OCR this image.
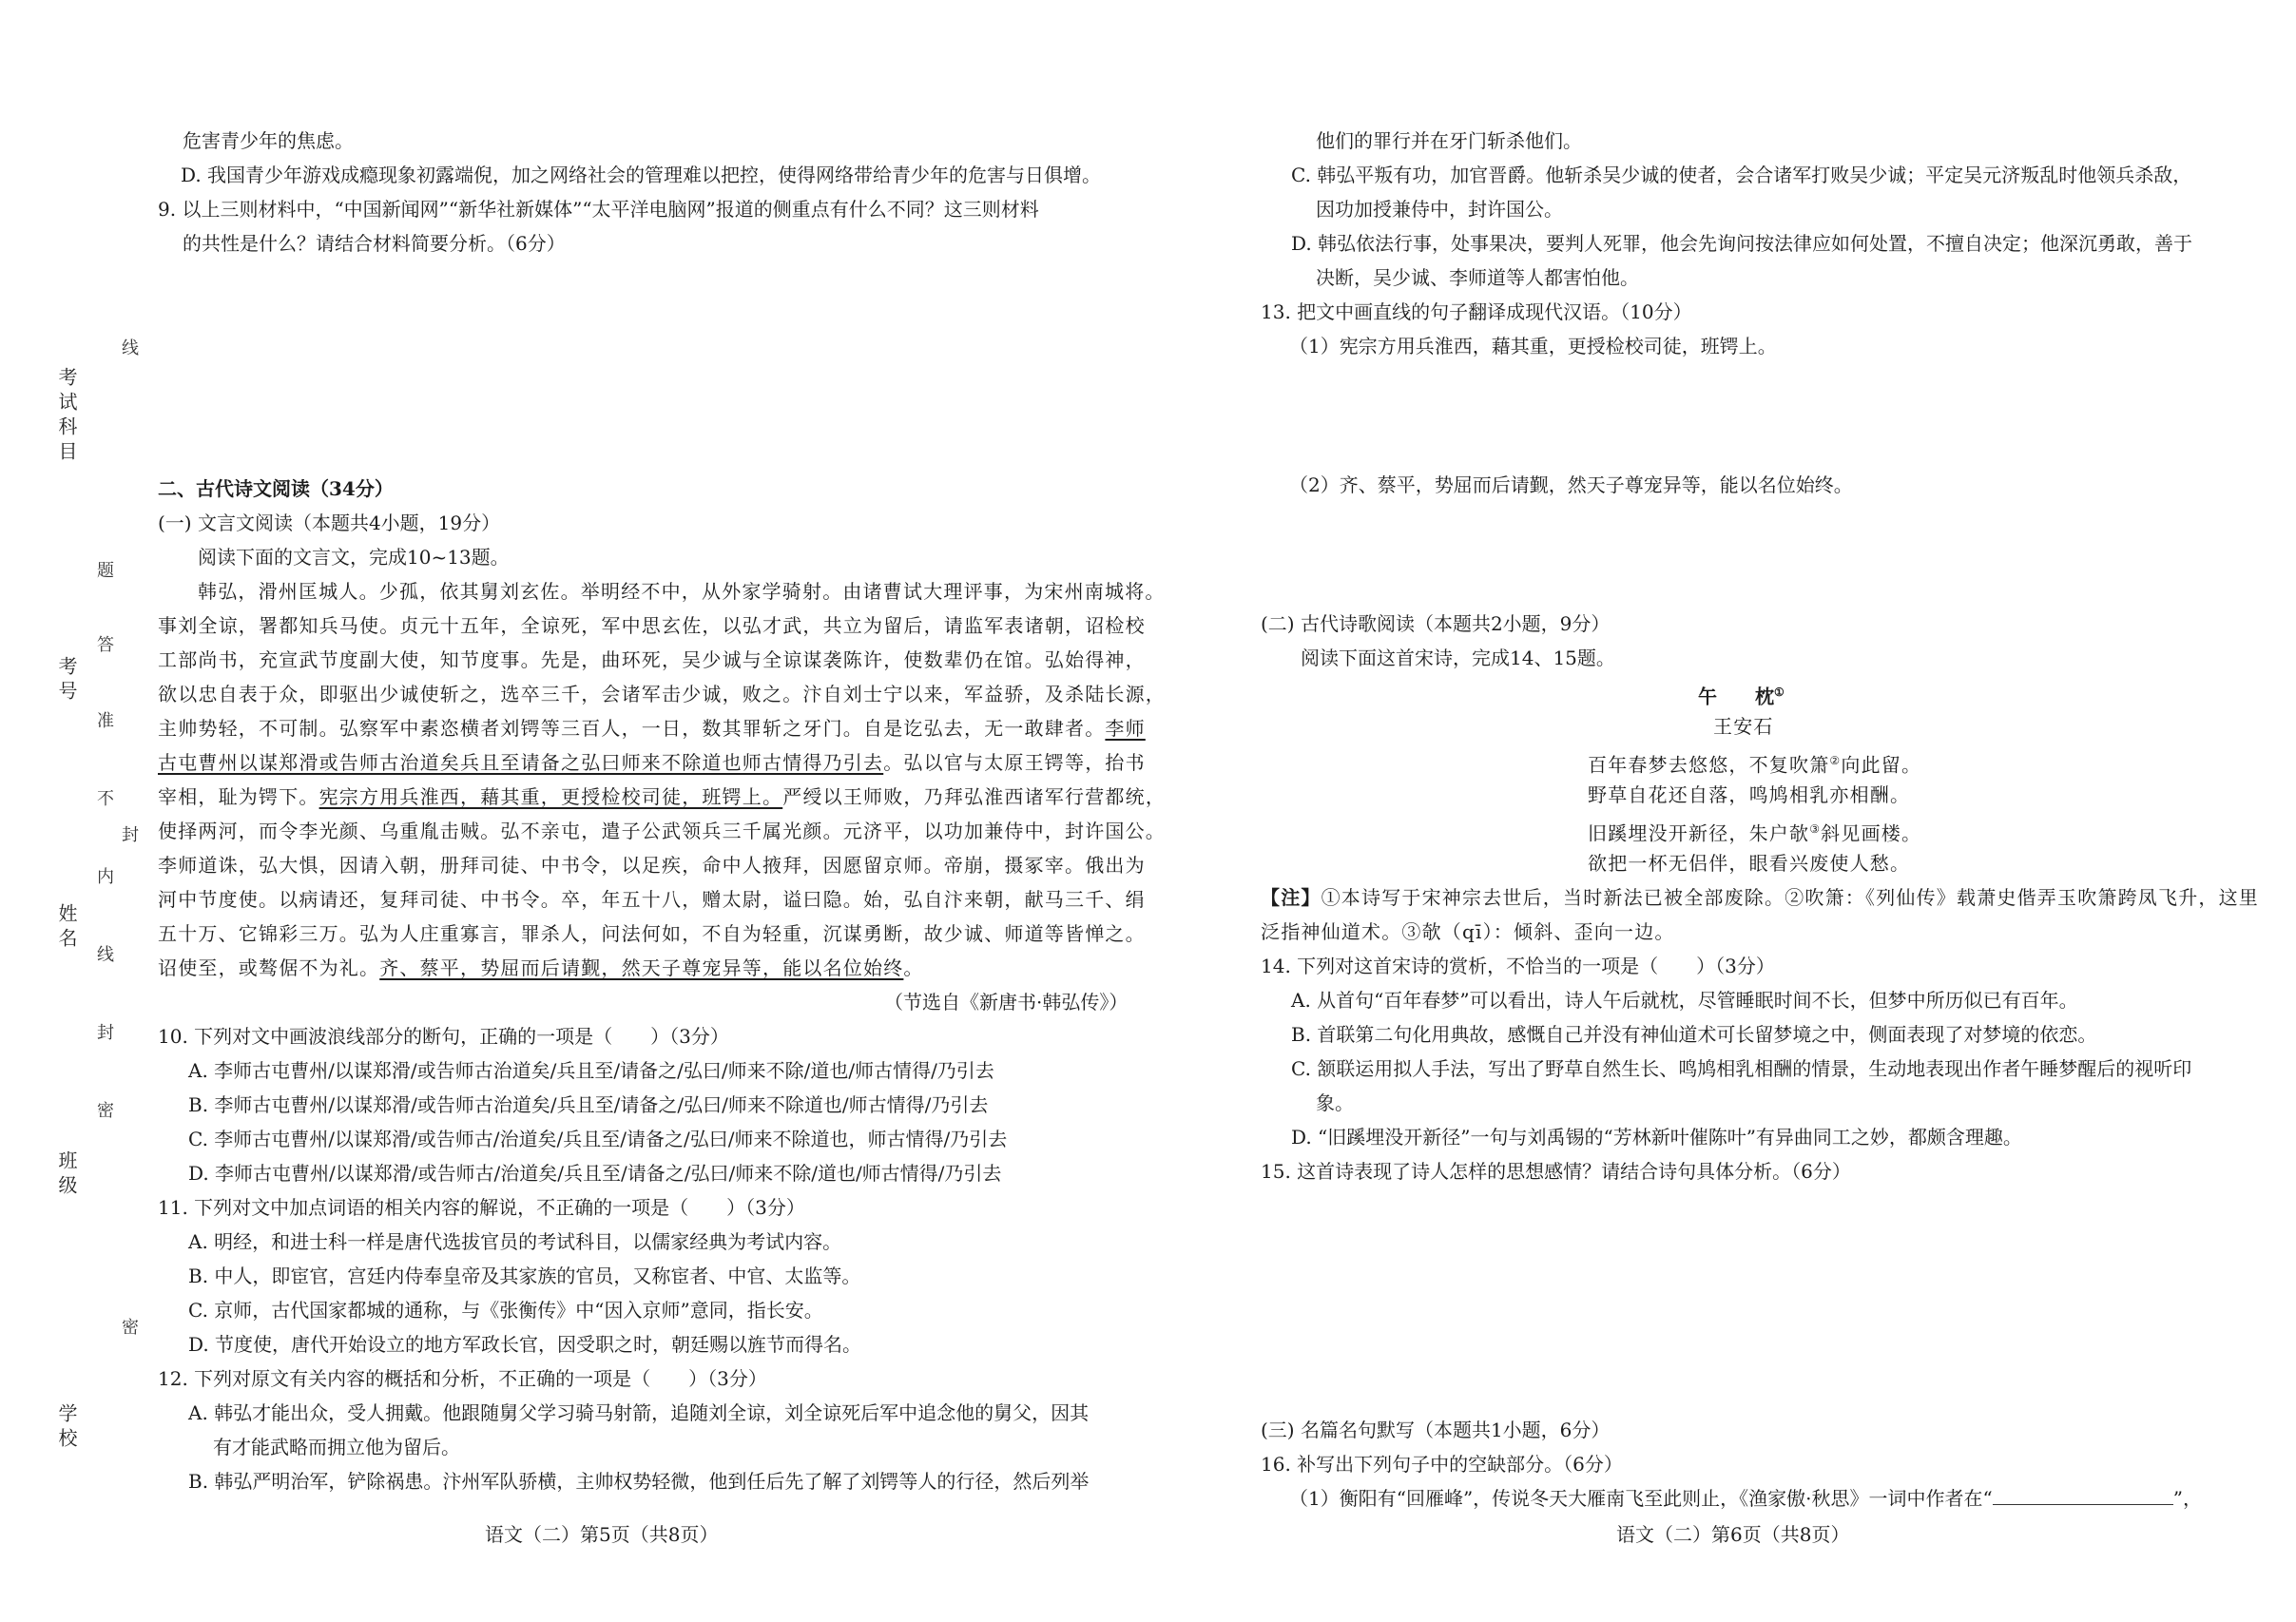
考试科目
线
题
考号
答
准
不
封
内
姓名
线
封
密
班级
密
学校
危害青少年的焦虑。
D. 我国青少年游戏成瘾现象初露端倪，加之网络社会的管理难以把控，使得网络带给青少年的危害与日俱增。
9. 以上三则材料中，“中国新闻网”“新华社新媒体”“太平洋电脑网”报道的侧重点有什么不同？这三则材料
的共性是什么？请结合材料简要分析。（6分）
二、古代诗文阅读（34分）
(一) 文言文阅读（本题共4小题，19分）
阅读下面的文言文，完成10~13题。
韩弘，滑州匡城人。少孤，依其舅刘玄佐。举明经不中，从外家学骑射。由诸曹试大理评事，为宋州南城将。
事刘全谅，署都知兵马使。贞元十五年，全谅死，军中思玄佐，以弘才武，共立为留后，请监军表诸朝，诏检校
工部尚书，充宣武节度副大使，知节度事。先是，曲环死，吴少诚与全谅谋袭陈许，使数辈仍在馆。弘始得神，
欲以忠自表于众，即驱出少诚使斩之，选卒三千，会诸军击少诚，败之。汴自刘士宁以来，军益骄，及杀陆长源，
主帅势轻，不可制。弘察军中素恣横者刘锷等三百人，一日，数其罪斩之牙门。自是讫弘去，无一敢肆者。李师
古屯曹州以谋郑滑或告师古治道矣兵且至请备之弘曰师来不除道也师古情得乃引去。弘以官与太原王锷等，抬书
宰相，耻为锷下。宪宗方用兵淮西，藉其重，更授检校司徒，班锷上。严绶以王师败，乃拜弘淮西诸军行营都统，
使择两河，而令李光颜、乌重胤击贼。弘不亲屯，遣子公武领兵三千属光颜。元济平，以功加兼侍中，封许国公。
李师道诛，弘大惧，因请入朝，册拜司徒、中书令，以足疾，命中人掖拜，因愿留京师。帝崩，摄冢宰。俄出为
河中节度使。以病请还，复拜司徒、中书令。卒，年五十八，赠太尉，谥曰隐。始，弘自汴来朝，献马三千、绢
五十万、它锦彩三万。弘为人庄重寡言，罪杀人，问法何如，不自为轻重，沉谋勇断，故少诚、师道等皆惮之。
诏使至，或骜倨不为礼。齐、蔡平，势屈而后请觐，然天子尊宠异等，能以名位始终。
（节选自《新唐书·韩弘传》）
10. 下列对文中画波浪线部分的断句，正确的一项是（　　）（3分）
A. 李师古屯曹州/以谋郑滑/或告师古治道矣/兵且至/请备之/弘曰/师来不除/道也/师古情得/乃引去
B. 李师古屯曹州/以谋郑滑/或告师古治道矣/兵且至/请备之/弘曰/师来不除道也/师古情得/乃引去
C. 李师古屯曹州/以谋郑滑/或告师古/治道矣/兵且至/请备之/弘曰/师来不除道也，师古情得/乃引去
D. 李师古屯曹州/以谋郑滑/或告师古/治道矣/兵且至/请备之/弘曰/师来不除/道也/师古情得/乃引去
11. 下列对文中加点词语的相关内容的解说，不正确的一项是（　　）（3分）
A. 明经，和进士科一样是唐代选拔官员的考试科目，以儒家经典为考试内容。
B. 中人，即宦官，宫廷内侍奉皇帝及其家族的官员，又称宦者、中官、太监等。
C. 京师，古代国家都城的通称，与《张衡传》中“因入京师”意同，指长安。
D. 节度使，唐代开始设立的地方军政长官，因受职之时，朝廷赐以旌节而得名。
12. 下列对原文有关内容的概括和分析，不正确的一项是（　　）（3分）
A. 韩弘才能出众，受人拥戴。他跟随舅父学习骑马射箭，追随刘全谅，刘全谅死后军中追念他的舅父，因其
有才能武略而拥立他为留后。
B. 韩弘严明治军，铲除祸患。汴州军队骄横，主帅权势轻微，他到任后先了解了刘锷等人的行径，然后列举
语文（二）第5页（共8页）
他们的罪行并在牙门斩杀他们。
C. 韩弘平叛有功，加官晋爵。他斩杀吴少诚的使者，会合诸军打败吴少诚；平定吴元济叛乱时他领兵杀敌，
因功加授兼侍中，封许国公。
D. 韩弘依法行事，处事果决，要判人死罪，他会先询问按法律应如何处置，不擅自决定；他深沉勇敢，善于
决断，吴少诚、李师道等人都害怕他。
13. 把文中画直线的句子翻译成现代汉语。（10分）
（1）宪宗方用兵淮西，藉其重，更授检校司徒，班锷上。
（2）齐、蔡平，势屈而后请觐，然天子尊宠异等，能以名位始终。
(二) 古代诗歌阅读（本题共2小题，9分）
阅读下面这首宋诗，完成14、15题。
午　　枕①
王安石
百年春梦去悠悠，不复吹箫②向此留。
野草自花还自落，鸣鸠相乳亦相酬。
旧蹊埋没开新径，朱户欹③斜见画楼。
欲把一杯无侣伴，眼看兴废使人愁。
【注】①本诗写于宋神宗去世后，当时新法已被全部废除。②吹箫：《列仙传》载萧史偕弄玉吹箫跨凤飞升，这里
泛指神仙道术。③欹（qī）：倾斜、歪向一边。
14. 下列对这首宋诗的赏析，不恰当的一项是（　　）（3分）
A. 从首句“百年春梦”可以看出，诗人午后就枕，尽管睡眠时间不长，但梦中所历似已有百年。
B. 首联第二句化用典故，感慨自己并没有神仙道术可长留梦境之中，侧面表现了对梦境的依恋。
C. 颔联运用拟人手法，写出了野草自然生长、鸣鸠相乳相酬的情景，生动地表现出作者午睡梦醒后的视听印
象。
D. “旧蹊埋没开新径”一句与刘禹锡的“芳林新叶催陈叶”有异曲同工之妙，都颇含理趣。
15. 这首诗表现了诗人怎样的思想感情？请结合诗句具体分析。（6分）
(三) 名篇名句默写（本题共1小题，6分）
16. 补写出下列句子中的空缺部分。（6分）
（1）衡阳有“回雁峰”，传说冬天大雁南飞至此则止，《渔家傲·秋思》一词中作者在“	”，
语文（二）第6页（共8页）
